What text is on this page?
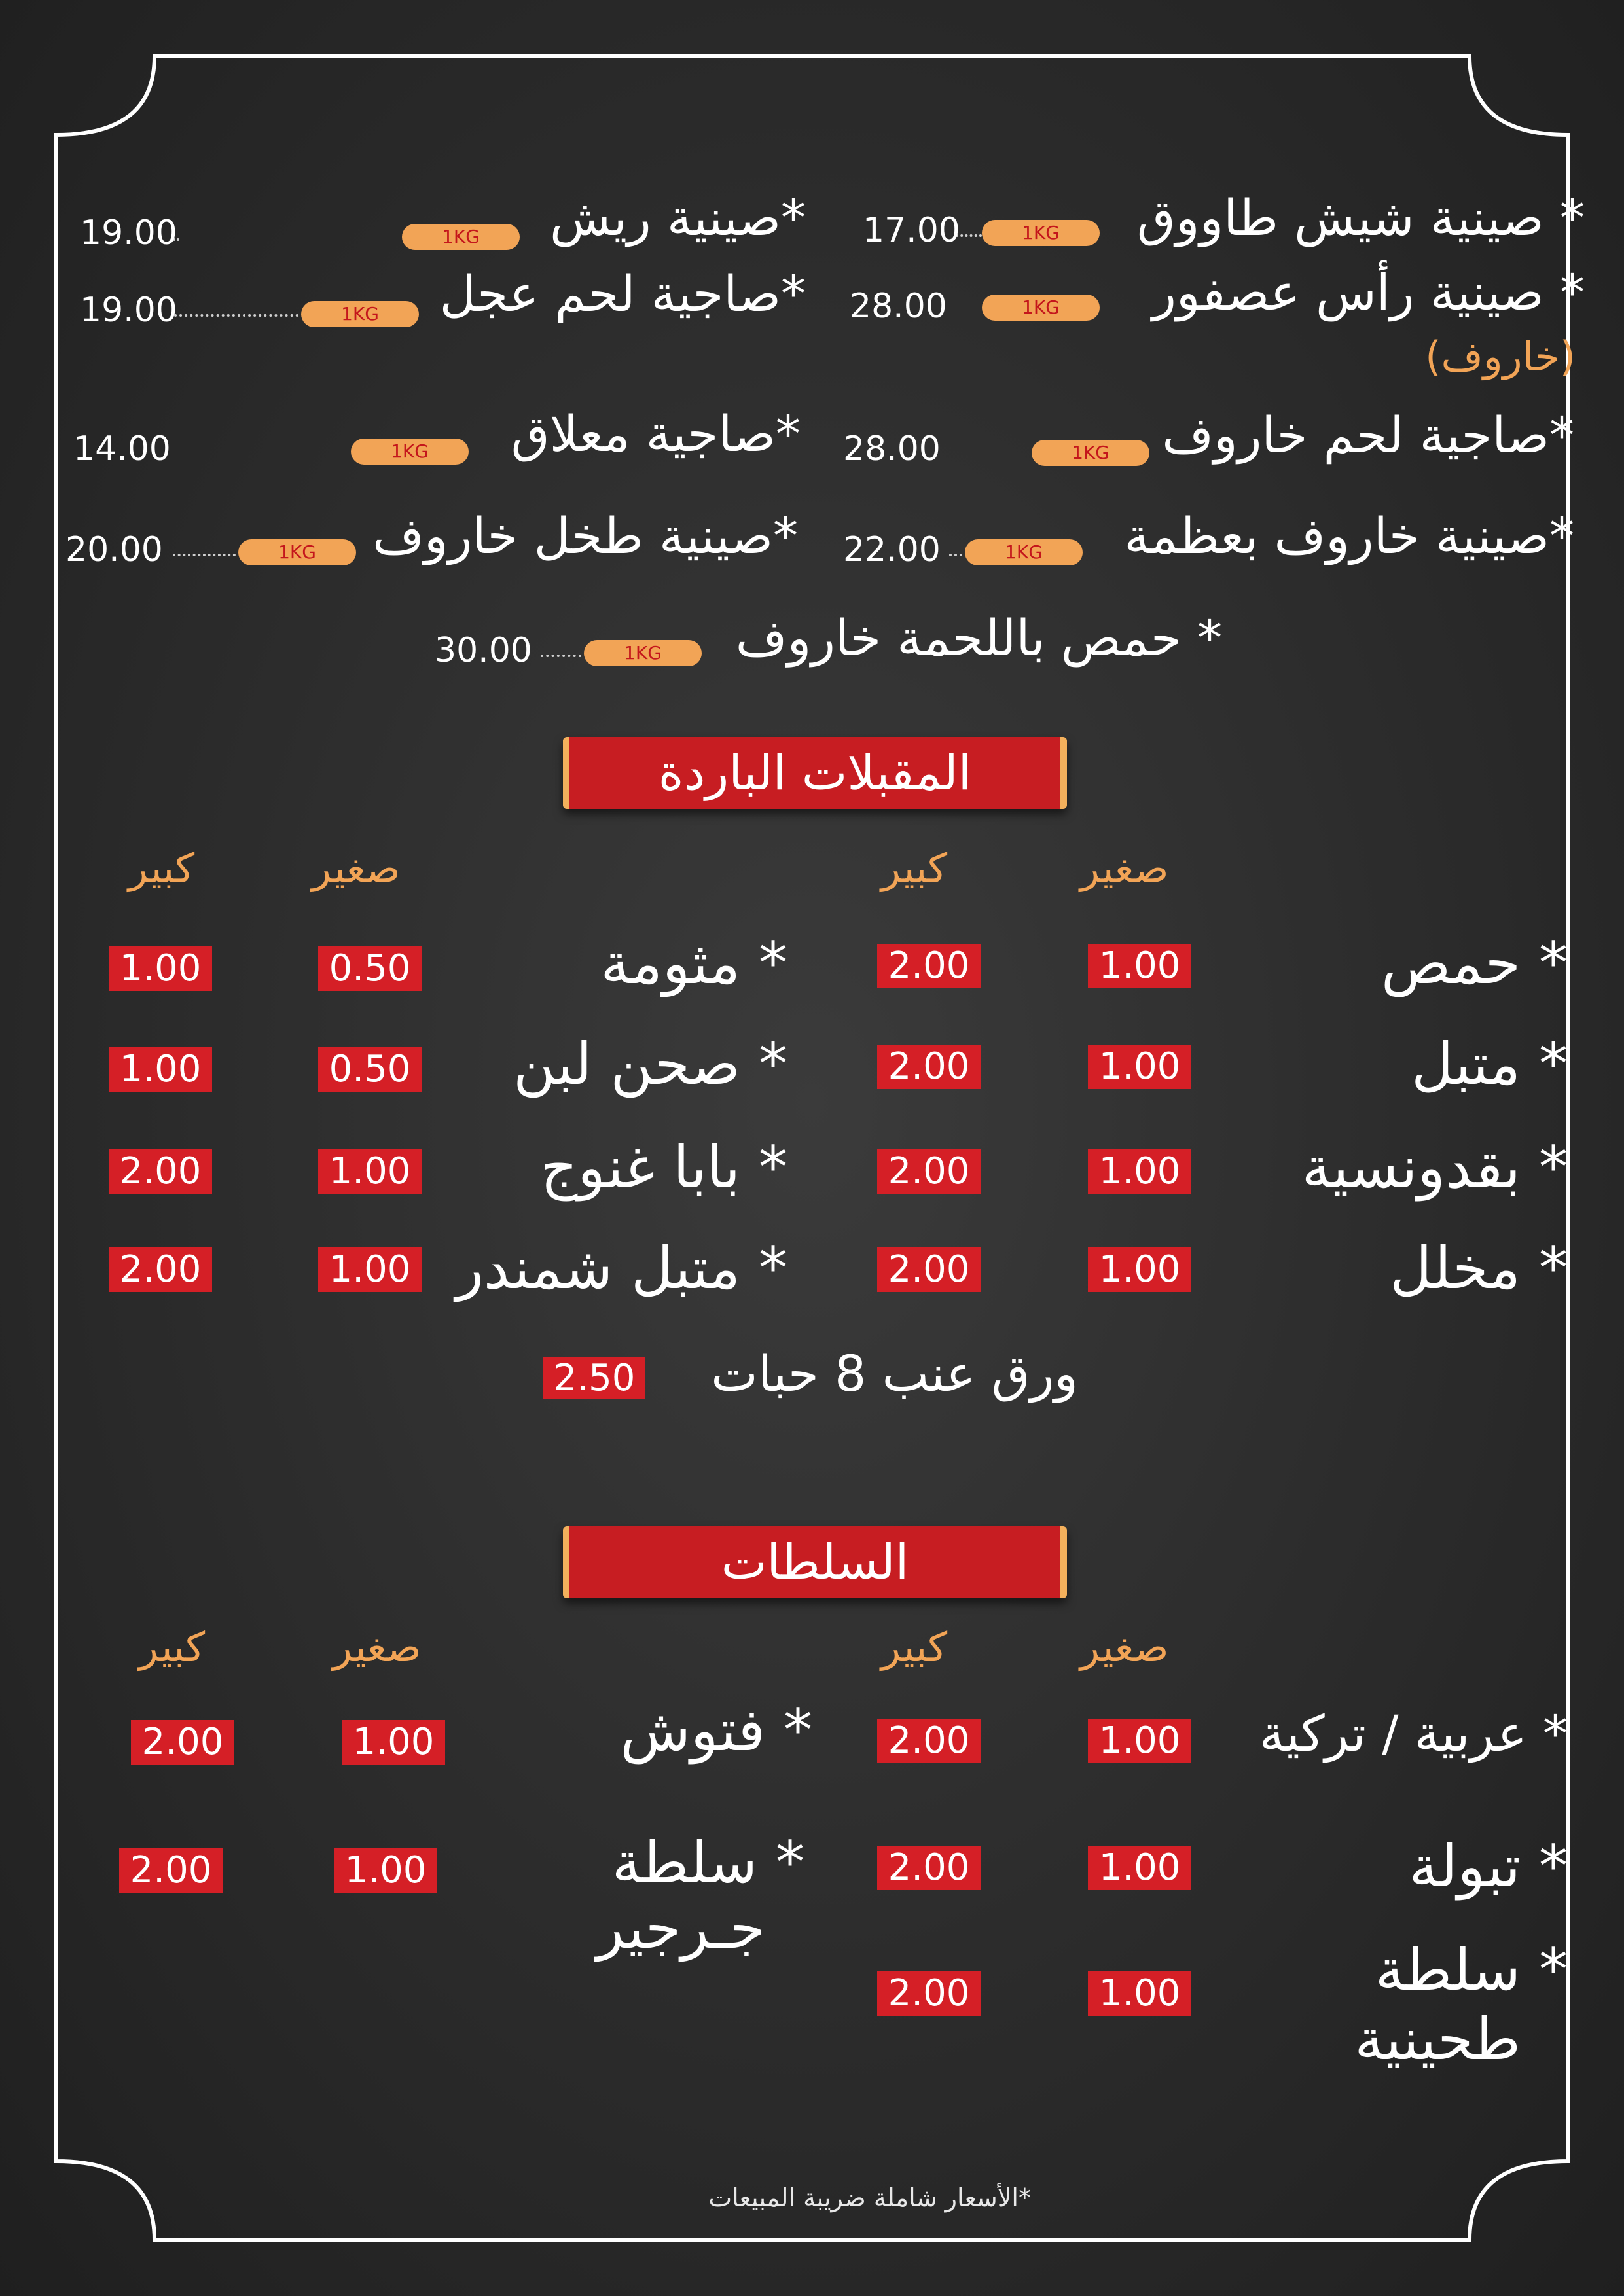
* صينية شيش طاووق
1KG
17.00
*صينية ريش
1KG
19.00
* صينية رأس عصفور
(خاروف)
1KG
28.00
*صاجية لحم عجل
1KG
19.00
*صاجية لحم خاروف
1KG
28.00
*صاجية معلاق
1KG
14.00
*صينية خاروف بعظمة
1KG
22.00
*صينية طخل خاروف
1KG
20.00
* حمص باللحمة خاروف
1KG
30.00
المقبلات الباردة
صغير
كبير
صغير
كبير
* حمص
1.00
2.00
* مثومة
0.50
1.00
* متبل
1.00
2.00
* صحن لبن
0.50
1.00
* بقدونسية
1.00
2.00
* بابا غنوج
1.00
2.00
* مخلل
1.00
2.00
* متبل شمندر
1.00
2.00
ورق عنب 8 حبات
2.50
السلطات
صغير
كبير
صغير
كبير
* عربية / تركية
1.00
2.00
* فتوش
1.00
2.00
* تبولة
1.00
2.00
* سلطة
جـرجير
1.00
2.00
* سلطة
طحينية
1.00
2.00
*الأسعار شاملة ضريبة المبيعات
